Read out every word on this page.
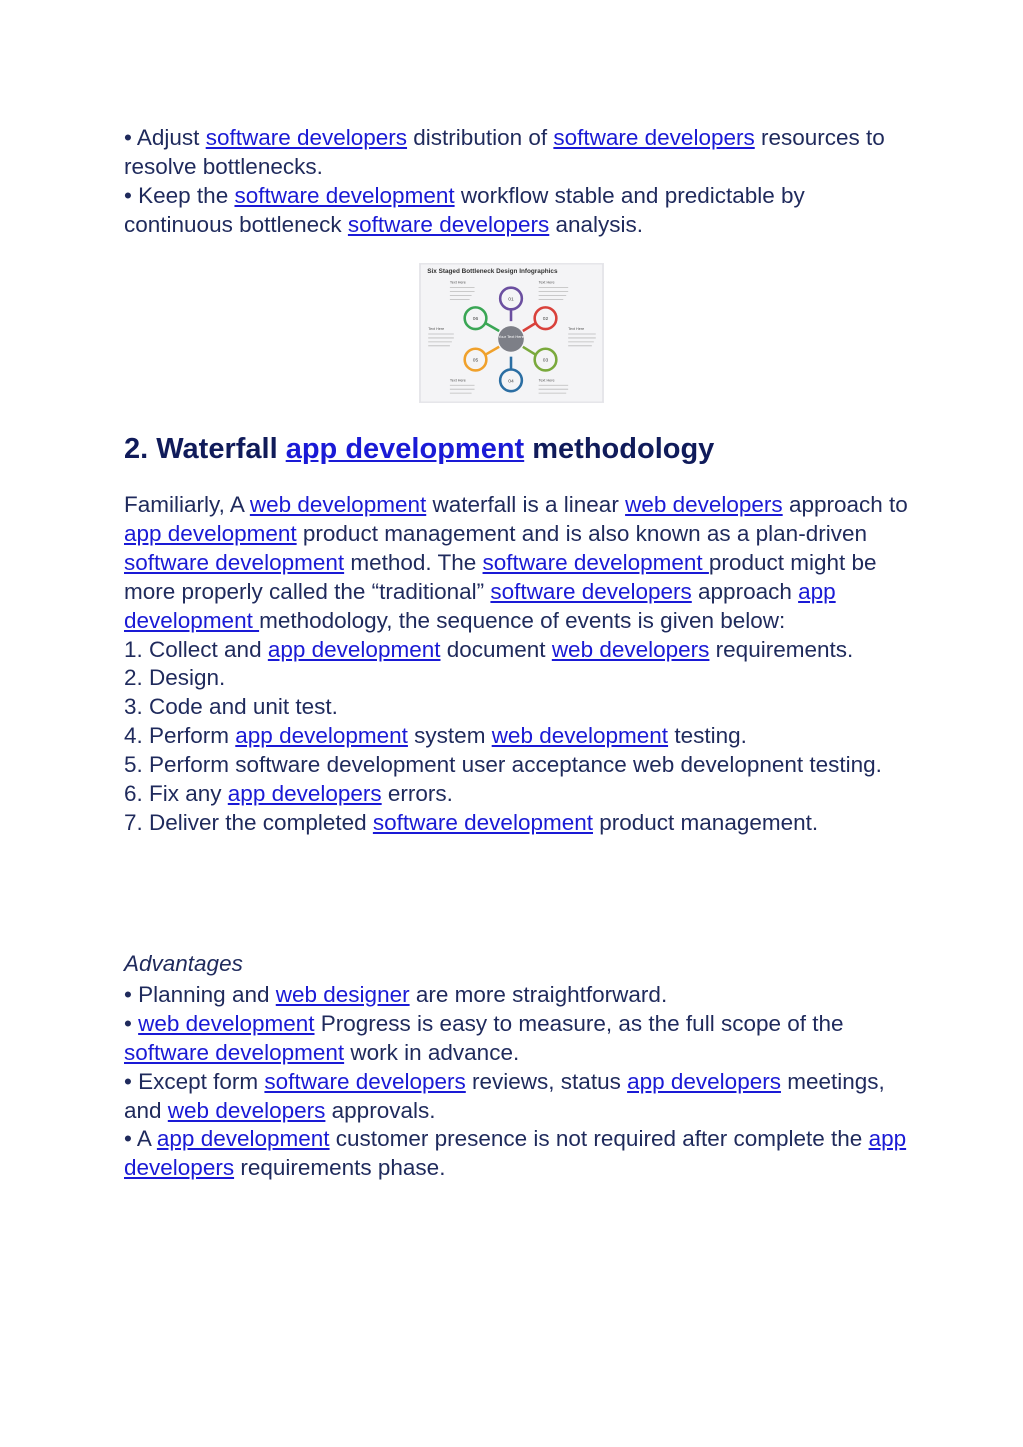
• Adjust software developers distribution of software developers resources to resolve bottlenecks.

• Keep the software development workflow stable and predictable by continuous bottleneck software developers analysis.

Six Staged Bottleneck Design Infographics
Your Text Here
01
02
03
04
05
06
Text Here	Text Here
Text Here	Text Here
Text Here	Text Here
2. Waterfall app development methodology

Familiarly, A web development waterfall is a linear web developers approach to app development product management and is also known as a plan-driven software development method. The software development product might be more properly called the “traditional” software developers approach app development methodology, the sequence of events is given below:

1. Collect and app development document web developers requirements.

2. Design.

3. Code and unit test.

4. Perform app development system web development testing.

5. Perform software development user acceptance web developnent testing.

6. Fix any app developers errors.

7. Deliver the completed software development product management.

Advantages

• Planning and web designer are more straightforward.

• web development Progress is easy to measure, as the full scope of the software development work in advance.

• Except form software developers reviews, status app developers meetings, and web developers approvals.

• A app development customer presence is not required after complete the app developers requirements phase.
